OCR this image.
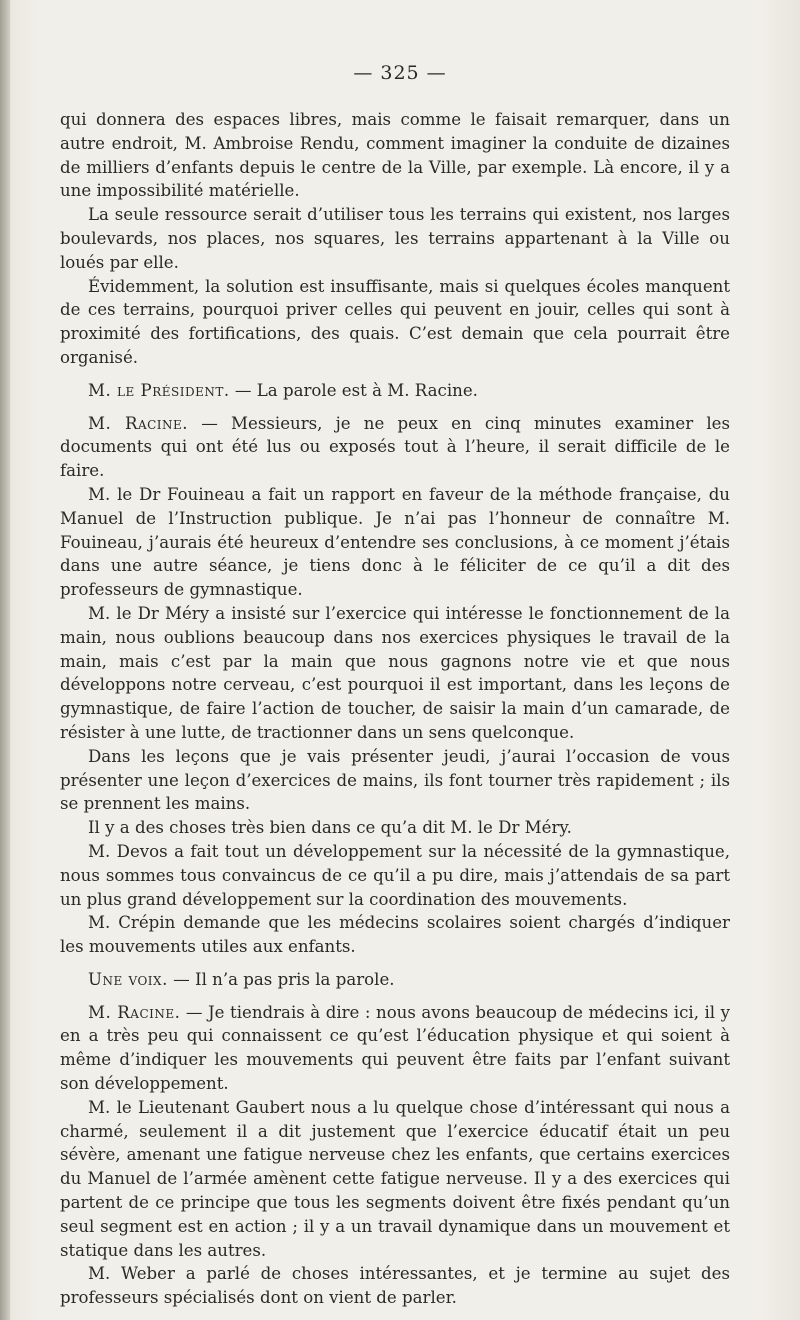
— 325 —

qui donnera des espaces libres, mais comme le faisait remarquer, dans un autre endroit, M. Ambroise Rendu, comment imaginer la conduite de dizaines de milliers d’enfants depuis le centre de la Ville, par exemple. Là encore, il y a une impossibilité matérielle.

La seule ressource serait d’utiliser tous les terrains qui existent, nos larges boulevards, nos places, nos squares, les terrains appartenant à la Ville ou loués par elle.

Évidemment, la solution est insuffisante, mais si quelques écoles manquent de ces terrains, pourquoi priver celles qui peuvent en jouir, celles qui sont à proximité des fortifications, des quais. C’est demain que cela pourrait être organisé.

M. le Président. — La parole est à M. Racine.

M. Racine. — Messieurs, je ne peux en cinq minutes examiner les documents qui ont été lus ou exposés tout à l’heure, il serait difficile de le faire.

M. le Dr Fouineau a fait un rapport en faveur de la méthode française, du Manuel de l’Instruction publique. Je n’ai pas l’honneur de connaître M. Fouineau, j’aurais été heureux d’entendre ses conclusions, à ce moment j’étais dans une autre séance, je tiens donc à le féliciter de ce qu’il a dit des professeurs de gymnastique.

M. le Dr Méry a insisté sur l’exercice qui intéresse le fonctionnement de la main, nous oublions beaucoup dans nos exercices physiques le travail de la main, mais c’est par la main que nous gagnons notre vie et que nous développons notre cerveau, c’est pourquoi il est important, dans les leçons de gymnastique, de faire l’action de toucher, de saisir la main d’un camarade, de résister à une lutte, de tractionner dans un sens quelconque.

Dans les leçons que je vais présenter jeudi, j’aurai l’occasion de vous présenter une leçon d’exercices de mains, ils font tourner très rapidement ; ils se prennent les mains.

Il y a des choses très bien dans ce qu’a dit M. le Dr Méry.

M. Devos a fait tout un développement sur la nécessité de la gymnastique, nous sommes tous convaincus de ce qu’il a pu dire, mais j’attendais de sa part un plus grand développement sur la coordination des mouvements.

M. Crépin demande que les médecins scolaires soient chargés d’indiquer les mouvements utiles aux enfants.

Une voix. — Il n’a pas pris la parole.

M. Racine. — Je tiendrais à dire : nous avons beaucoup de médecins ici, il y en a très peu qui connaissent ce qu’est l’éducation physique et qui soient à même d’indiquer les mouvements qui peuvent être faits par l’enfant suivant son développement.

M. le Lieutenant Gaubert nous a lu quelque chose d’intéressant qui nous a charmé, seulement il a dit justement que l’exercice éducatif était un peu sévère, amenant une fatigue nerveuse chez les enfants, que certains exercices du Manuel de l’armée amènent cette fatigue nerveuse. Il y a des exercices qui partent de ce principe que tous les segments doivent être fixés pendant qu’un seul segment est en action ; il y a un travail dynamique dans un mouvement et statique dans les autres.

M. Weber a parlé de choses intéressantes, et je termine au sujet des professeurs spécialisés dont on vient de parler.
